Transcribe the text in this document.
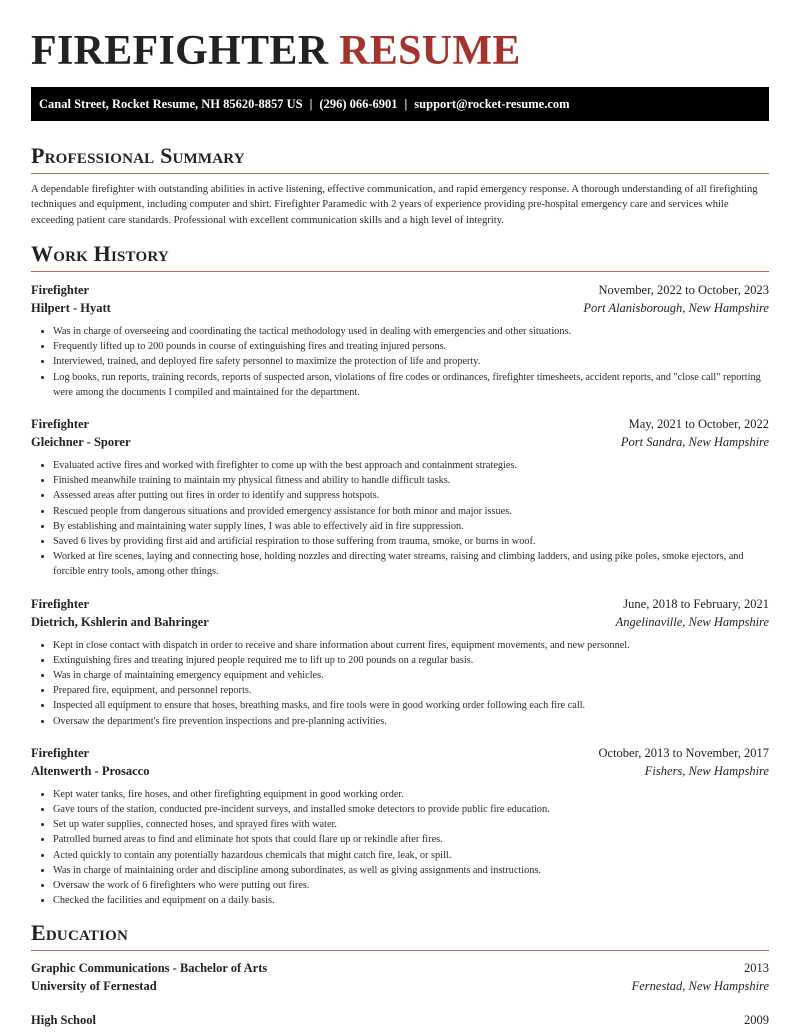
FIREFIGHTER RESUME
Canal Street, Rocket Resume, NH 85620-8857 US | (296) 066-6901 | support@rocket-resume.com
Professional Summary

A dependable firefighter with outstanding abilities in active listening, effective communication, and rapid emergency response. A thorough understanding of all firefighting techniques and equipment, including computer and shirt. Firefighter Paramedic with 2 years of experience providing pre-hospital emergency care and services while exceeding patient care standards. Professional with excellent communication skills and a high level of integrity.

Work History
Firefighter	November, 2022 to October, 2023
Hilpert - Hyatt	Port Alanisborough, New Hampshire
• Was in charge of overseeing and coordinating the tactical methodology used in dealing with emergencies and other situations.
• Frequently lifted up to 200 pounds in course of extinguishing fires and treating injured persons.
• Interviewed, trained, and deployed fire safety personnel to maximize the protection of life and property.
• Log books, run reports, training records, reports of suspected arson, violations of fire codes or ordinances, firefighter timesheets, accident reports, and "close call" reporting were among the documents I compiled and maintained for the department.
Firefighter	May, 2021 to October, 2022
Gleichner - Sporer	Port Sandra, New Hampshire
• Evaluated active fires and worked with firefighter to come up with the best approach and containment strategies.
• Finished meanwhile training to maintain my physical fitness and ability to handle difficult tasks.
• Assessed areas after putting out fires in order to identify and suppress hotspots.
• Rescued people from dangerous situations and provided emergency assistance for both minor and major issues.
• By establishing and maintaining water supply lines, I was able to effectively aid in fire suppression.
• Saved 6 lives by providing first aid and artificial respiration to those suffering from trauma, smoke, or burns in woof.
• Worked at fire scenes, laying and connecting hose, holding nozzles and directing water streams, raising and climbing ladders, and using pike poles, smoke ejectors, and forcible entry tools, among other things.
Firefighter	June, 2018 to February, 2021
Dietrich, Kshlerin and Bahringer	Angelinaville, New Hampshire
• Kept in close contact with dispatch in order to receive and share information about current fires, equipment movements, and new personnel.
• Extinguishing fires and treating injured people required me to lift up to 200 pounds on a regular basis.
• Was in charge of maintaining emergency equipment and vehicles.
• Prepared fire, equipment, and personnel reports.
• Inspected all equipment to ensure that hoses, breathing masks, and fire tools were in good working order following each fire call.
• Oversaw the department's fire prevention inspections and pre-planning activities.
Firefighter	October, 2013 to November, 2017
Altenwerth - Prosacco	Fishers, New Hampshire
• Kept water tanks, fire hoses, and other firefighting equipment in good working order.
• Gave tours of the station, conducted pre-incident surveys, and installed smoke detectors to provide public fire education.
• Set up water supplies, connected hoses, and sprayed fires with water.
• Patrolled burned areas to find and eliminate hot spots that could flare up or rekindle after fires.
• Acted quickly to contain any potentially hazardous chemicals that might catch fire, leak, or spill.
• Was in charge of maintaining order and discipline among subordinates, as well as giving assignments and instructions.
• Oversaw the work of 6 firefighters who were putting out fires.
• Checked the facilities and equipment on a daily basis.
Education
Graphic Communications - Bachelor of Arts	2013
University of Fernestad	Fernestad, New Hampshire
High School	2009
